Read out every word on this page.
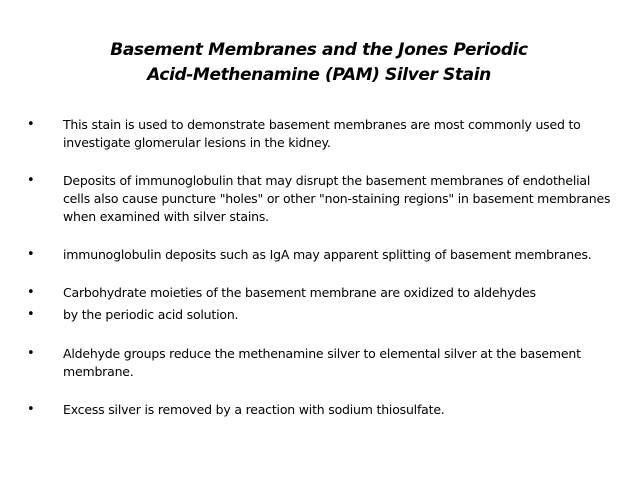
Basement Membranes and the Jones Periodic
Acid-Methenamine (PAM) Silver Stain
•	This stain is used to demonstrate basement membranes are most commonly used to investigate glomerular lesions in the kidney.
•	Deposits of immunoglobulin that may disrupt the basement membranes of endothelial cells also cause puncture "holes" or other "non-staining regions" in basement membranes when examined with silver stains.
•	immunoglobulin deposits such as IgA may apparent splitting of basement membranes.
•	Carbohydrate moieties of the basement membrane are oxidized to aldehydes
•	by the periodic acid solution.
•	Aldehyde groups reduce the methenamine silver to elemental silver at the basement membrane.
•	Excess silver is removed by a reaction with sodium thiosulfate.
